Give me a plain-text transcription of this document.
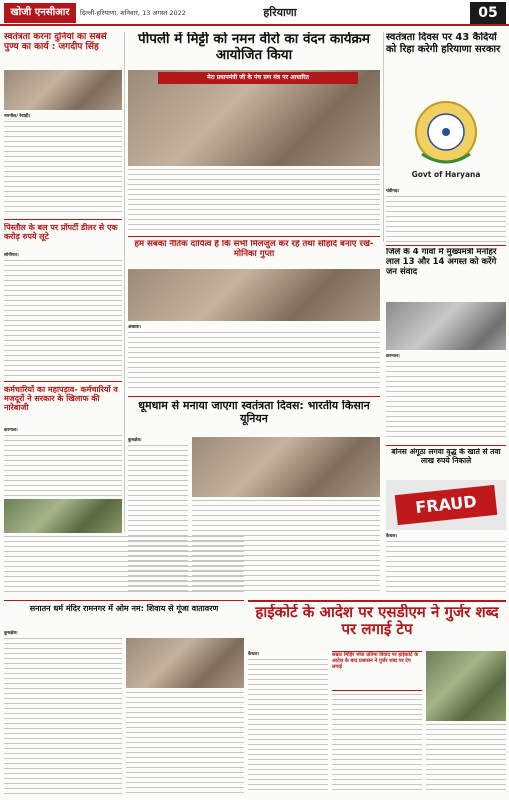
खोजी एनसीआर	दिल्ली-हरियाणा, शनिवार, 13 अगस्त 2022	हरियाणा	05
स्वतंत्रता करना दुनियां का सबसे पुण्य का कार्य : जगदीप सिंह
नारनौल/ रेवाड़ी।
पिस्तौल के बल पर प्रॉपर्टी डीलर से एक करोड़ रुपये लूटे
सोनीपत।
कर्मचारियों का महापड़ाव- कर्मचारियों व मजदूरों ने सरकार के खिलाफ की नारेबाजी
करनाल।
सनातन धर्म मंदिर रामनगर में ओम नम: शिवाय से गूंजा वातावरण
कुरुक्षेत्र।
पीपली में मिट्टी को नमन वीरो का वंदन कार्यक्रम आयोजित किया
मेरा प्रधानमंत्री जी के पंच प्रण मंत्र पर आधारित
स्वतंत्रता दिवस पर 43 कैदियों को रिहा करेगी हरियाणा सरकार
Govt of Haryana
चंडीगढ़।
हम सबका नैतिक दायित्व है कि सभी मिलजुल कर रहें तथा सौहार्द बनाए रखें-मोनिका गुप्ता
अंबाला।
जिले के 4 गांवों में मुख्यमंत्री मनोहर लाल 13 और 14 अगस्त को करेंगे जन संवाद
करनाल।
धूमधाम से मनाया जाएगा स्वतंत्रता दिवस: भारतीय किसान यूनियन
कुरुक्षेत्र।
बोनस अंगूठा लगवा वृद्ध के खाते से तवा लाख रुपये निकाले
FRAUD
कैथल।
हाईकोर्ट के आदेश पर एसडीएम ने गुर्जर शब्द पर लगाई टेप
कैथल।	सम्राट मिहिर भोज प्रतिमा विवाद पर हाईकोर्ट के आदेश के बाद प्रशासन ने गुर्जर शब्द पर टेप लगाई
